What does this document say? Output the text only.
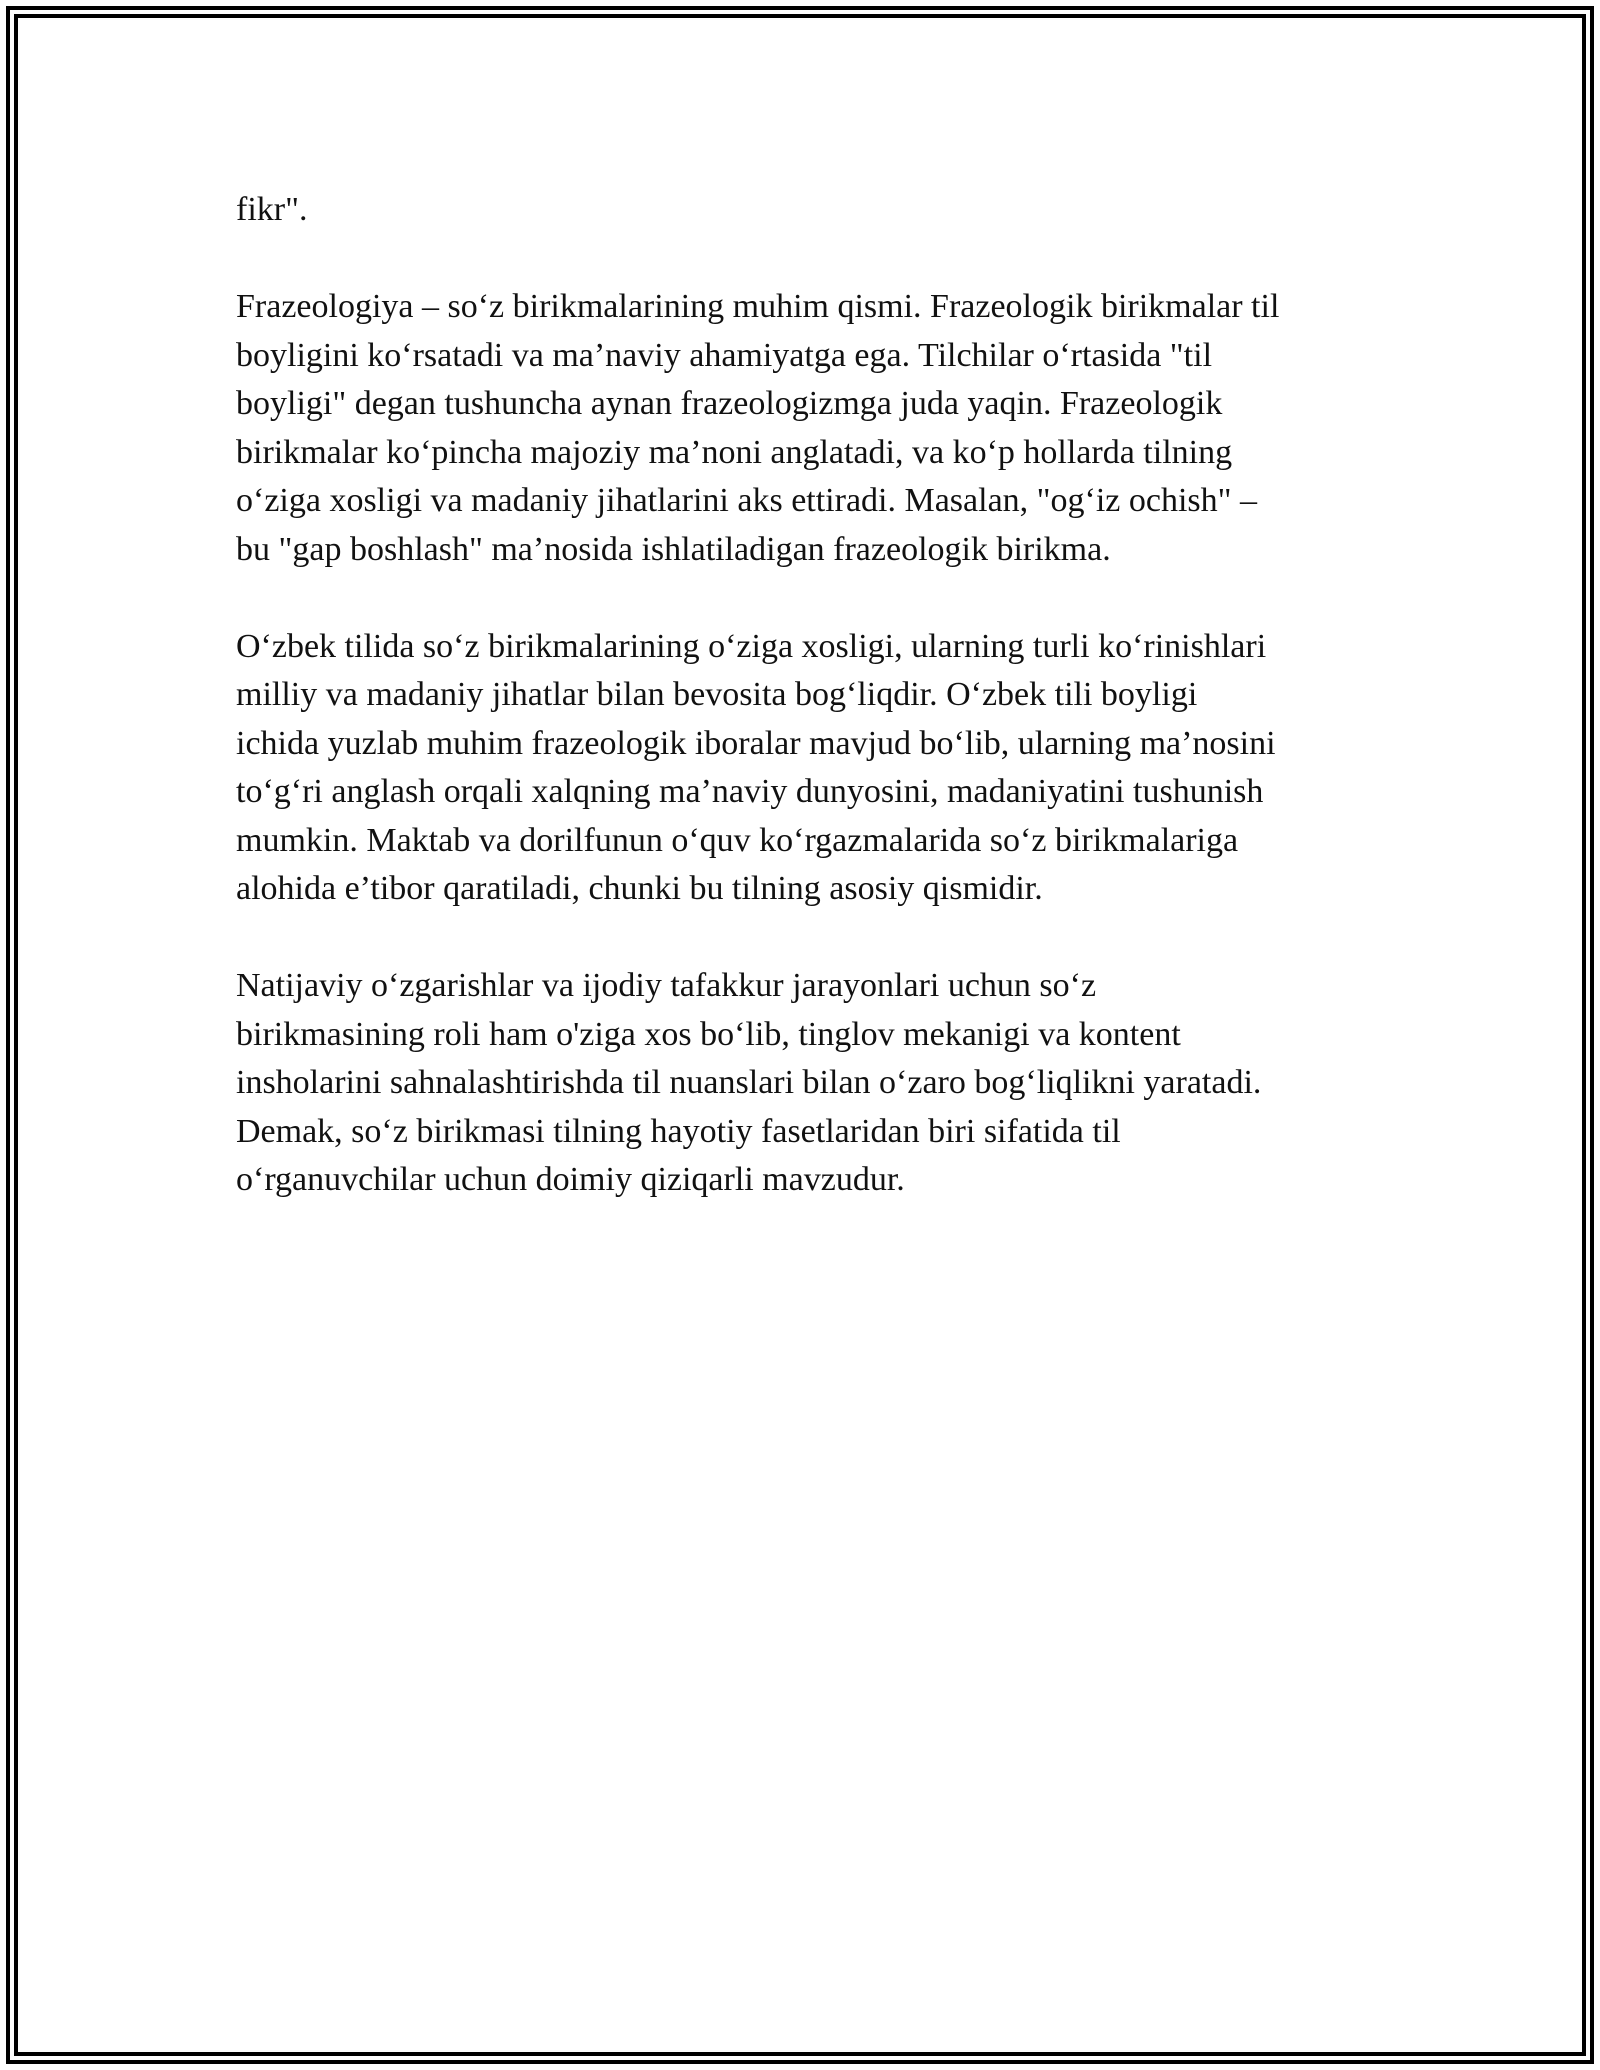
fikr".

Frazeologiya – so‘z birikmalarining muhim qismi. Frazeologik birikmalar til

boyligini ko‘rsatadi va ma’naviy ahamiyatga ega. Tilchilar o‘rtasida "til

boyligi" degan tushuncha aynan frazeologizmga juda yaqin. Frazeologik

birikmalar ko‘pincha majoziy ma’noni anglatadi, va ko‘p hollarda tilning

o‘ziga xosligi va madaniy jihatlarini aks ettiradi. Masalan, "og‘iz ochish" –

bu "gap boshlash" ma’nosida ishlatiladigan frazeologik birikma.

O‘zbek tilida so‘z birikmalarining o‘ziga xosligi, ularning turli ko‘rinishlari

milliy va madaniy jihatlar bilan bevosita bog‘liqdir. O‘zbek tili boyligi

ichida yuzlab muhim frazeologik iboralar mavjud bo‘lib, ularning ma’nosini

to‘g‘ri anglash orqali xalqning ma’naviy dunyosini, madaniyatini tushunish

mumkin. Maktab va dorilfunun o‘quv ko‘rgazmalarida so‘z birikmalariga

alohida e’tibor qaratiladi, chunki bu tilning asosiy qismidir.

Natijaviy o‘zgarishlar va ijodiy tafakkur jarayonlari uchun so‘z

birikmasining roli ham o'ziga xos bo‘lib, tinglov mekanigi va kontent

insholarini sahnalashtirishda til nuanslari bilan o‘zaro bog‘liqlikni yaratadi.

Demak, so‘z birikmasi tilning hayotiy fasetlaridan biri sifatida til

o‘rganuvchilar uchun doimiy qiziqarli mavzudur.
